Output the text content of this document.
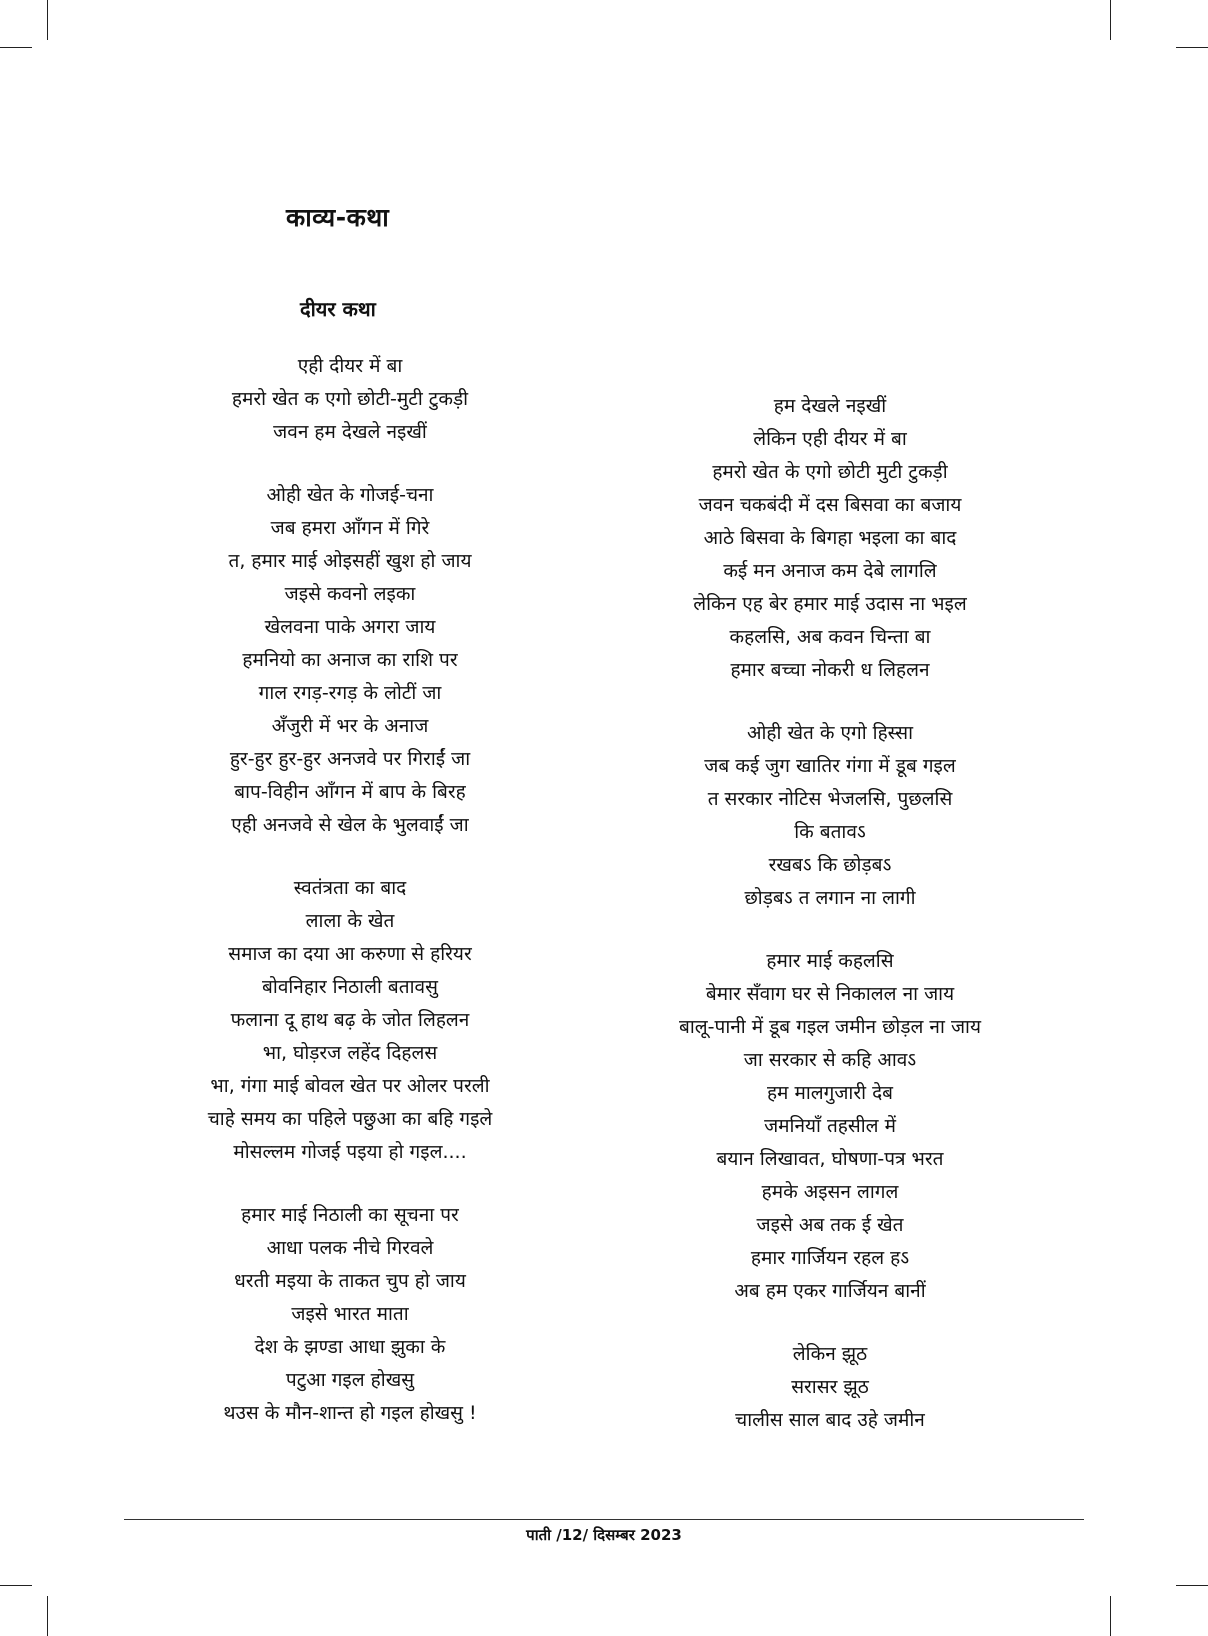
काव्य-कथा
दीयर कथा
एही दीयर में बा
हमरो खेत क एगो छोटी-मुटी टुकड़ी
जवन हम देखले नइखीं
ओही खेत के गोजई-चना
जब हमरा आँगन में गिरे
त, हमार माई ओइसहीं खुश हो जाय
जइसे कवनो लइका
खेलवना पाके अगरा जाय
हमनियो का अनाज का राशि पर
गाल रगड़-रगड़ के लोटीं जा
अँजुरी में भर के अनाज
हुर-हुर हुर-हुर अनजवे पर गिराईं जा
बाप-विहीन आँगन में बाप के बिरह
एही अनजवे से खेल के भुलवाईं जा
स्वतंत्रता का बाद
लाला के खेत
समाज का दया आ करुणा से हरियर
बोवनिहार निठाली बतावसु
फलाना दू हाथ बढ़ के जोत लिहलन
भा, घोड़रज लहेंद दिहलस
भा, गंगा माई बोवल खेत पर ओलर परली
चाहे समय का पहिले पछुआ का बहि गइले
मोसल्लम गोजई पइया हो गइल....
हमार माई निठाली का सूचना पर
आधा पलक नीचे गिरवले
धरती मइया के ताकत चुप हो जाय
जइसे भारत माता
देश के झण्डा आधा झुका के
पटुआ गइल होखसु
थउस के मौन-शान्त हो गइल होखसु !
हम देखले नइखीं
लेकिन एही दीयर में बा
हमरो खेत के एगो छोटी मुटी टुकड़ी
जवन चकबंदी में दस बिसवा का बजाय
आठे बिसवा के बिगहा भइला का बाद
कई मन अनाज कम देबे लागलि
लेकिन एह बेर हमार माई उदास ना भइल
कहलसि, अब कवन चिन्ता बा
हमार बच्चा नोकरी ध लिहलन
ओही खेत के एगो हिस्सा
जब कई जुग खातिर गंगा में डूब गइल
त सरकार नोटिस भेजलसि, पुछलसि
कि बतावऽ
रखबऽ कि छोड़बऽ
छोड़बऽ त लगान ना लागी
हमार माई कहलसि
बेमार सँवाग घर से निकालल ना जाय
बालू-पानी में डूब गइल जमीन छोड़ल ना जाय
जा सरकार से कहि आवऽ
हम मालगुजारी देब
जमनियाँ तहसील में
बयान लिखावत, घोषणा-पत्र भरत
हमके अइसन लागल
जइसे अब तक ई खेत
हमार गार्जियन रहल हऽ
अब हम एकर गार्जियन बानीं
लेकिन झूठ
सरासर झूठ
चालीस साल बाद उहे जमीन
पाती /12/ दिसम्बर 2023
